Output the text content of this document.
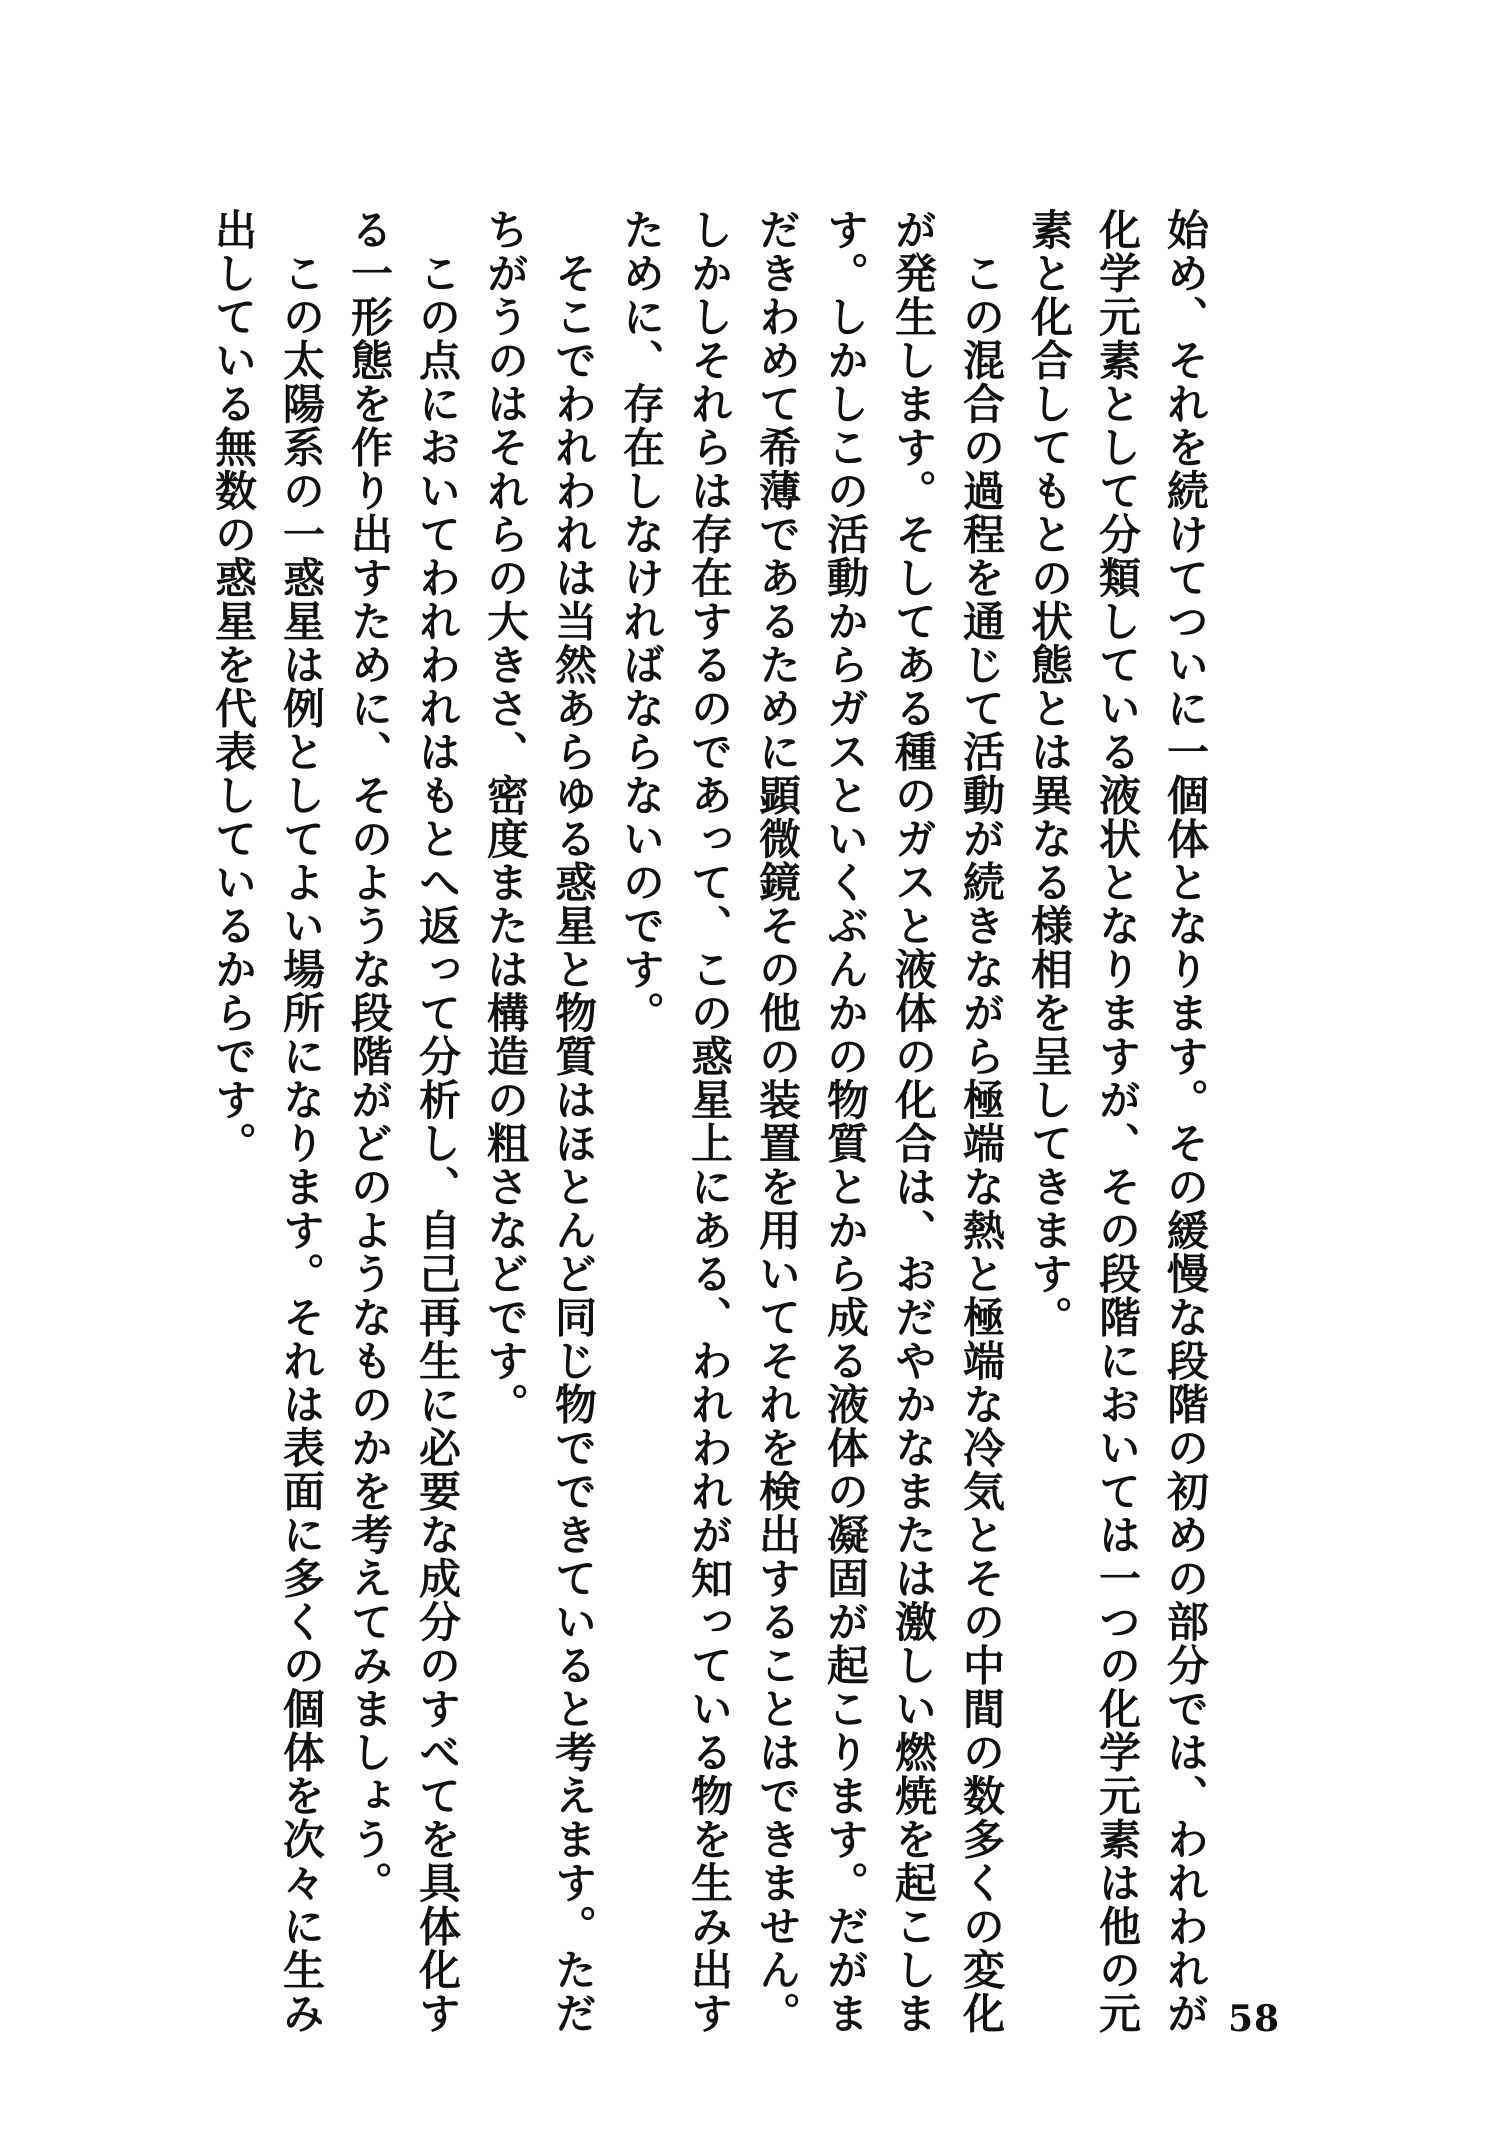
始め、それを続けてついに一個体となります。その緩慢な段階の初めの部分では、われわれが
化学元素として分類している液状となりますが、その段階においては一つの化学元素は他の元
素と化合してもとの状態とは異なる様相を呈してきます。
　この混合の過程を通じて活動が続きながら極端な熱と極端な冷気とその中間の数多くの変化
が発生します。そしてある種のガスと液体の化合は、おだやかなまたは激しい燃焼を起こしま
す。しかしこの活動からガスといくぶんかの物質とから成る液体の凝固が起こります。だがま
だきわめて希薄であるために顕微鏡その他の装置を用いてそれを検出することはできません。
しかしそれらは存在するのであって、この惑星上にある、われわれが知っている物を生み出す
ために、存在しなければならないのです。
　そこでわれわれは当然あらゆる惑星と物質はほとんど同じ物でできていると考えます。ただ
ちがうのはそれらの大きさ、密度または構造の粗さなどです。
　この点においてわれわれはもとへ返って分析し、自己再生に必要な成分のすべてを具体化す
る一形態を作り出すために、そのような段階がどのようなものかを考えてみましょう。
　この太陽系の一惑星は例としてよい場所になります。それは表面に多くの個体を次々に生み
出している無数の惑星を代表しているからです。
58
